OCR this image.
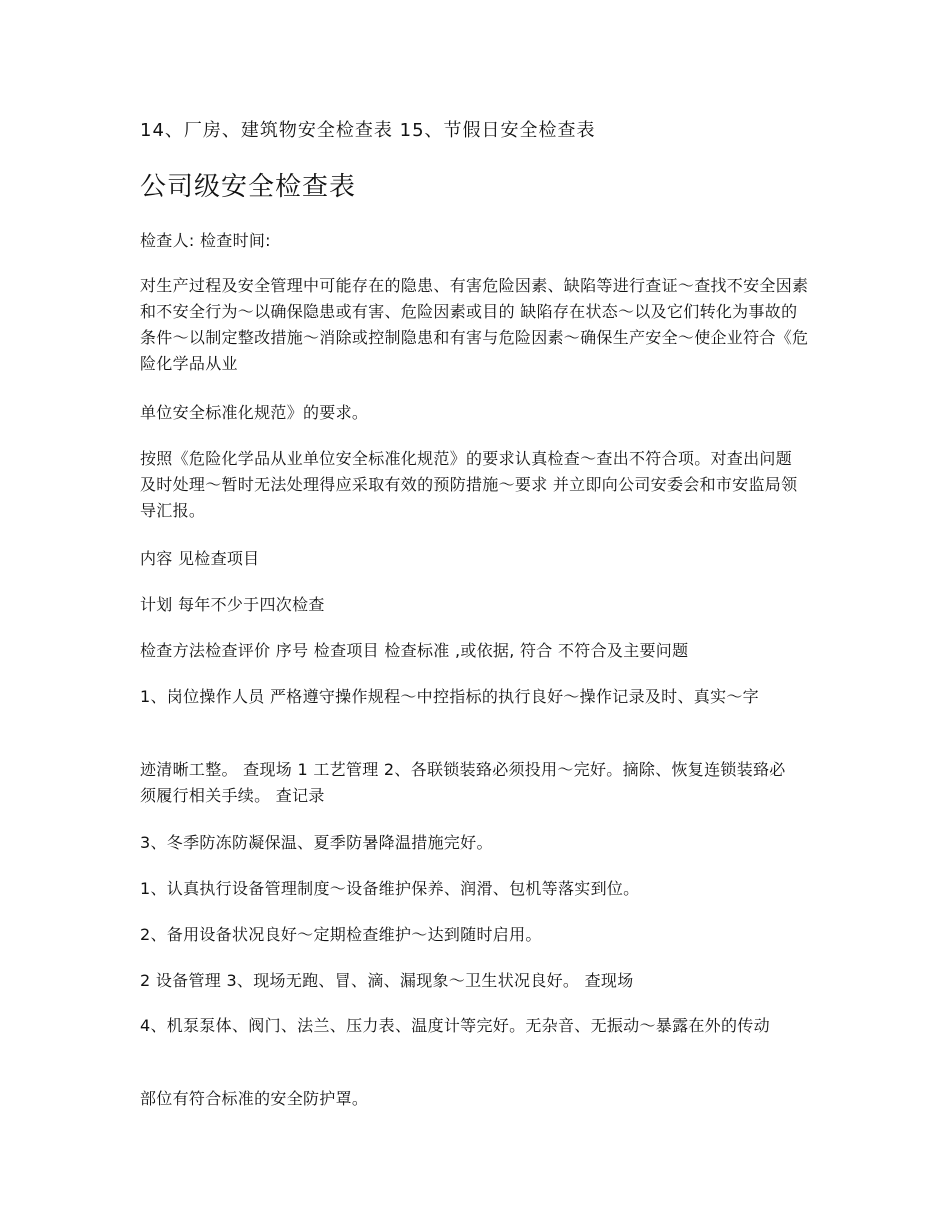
14、厂房、建筑物安全检查表 15、节假日安全检查表
公司级安全检查表
检查人: 检查时间:
对生产过程及安全管理中可能存在的隐患、有害危险因素、缺陷等进行查证～查找不安全因素和不安全行为～以确保隐患或有害、危险因素或目的 缺陷存在状态～以及它们转化为事故的条件～以制定整改措施～消除或控制隐患和有害与危险因素～确保生产安全～使企业符合《危险化学品从业
单位安全标准化规范》的要求。
按照《危险化学品从业单位安全标准化规范》的要求认真检查～查出不符合项。对查出问题及时处理～暂时无法处理得应采取有效的预防措施～要求 并立即向公司安委会和市安监局领导汇报。
内容 见检查项目
计划 每年不少于四次检查
检查方法检查评价 序号 检查项目 检查标准 ,或依据, 符合 不符合及主要问题
1、岗位操作人员 严格遵守操作规程～中控指标的执行良好～操作记录及时、真实～字
迹清晰工整。 查现场 1 工艺管理 2、各联锁装臵必须投用～完好。摘除、恢复连锁装臵必须履行相关手续。 查记录
3、冬季防冻防凝保温、夏季防暑降温措施完好。
1、认真执行设备管理制度～设备维护保养、润滑、包机等落实到位。
2、备用设备状况良好～定期检查维护～达到随时启用。
2 设备管理 3、现场无跑、冒、滴、漏现象～卫生状况良好。 查现场
4、机泵泵体、阀门、法兰、压力表、温度计等完好。无杂音、无振动～暴露在外的传动
部位有符合标准的安全防护罩。
